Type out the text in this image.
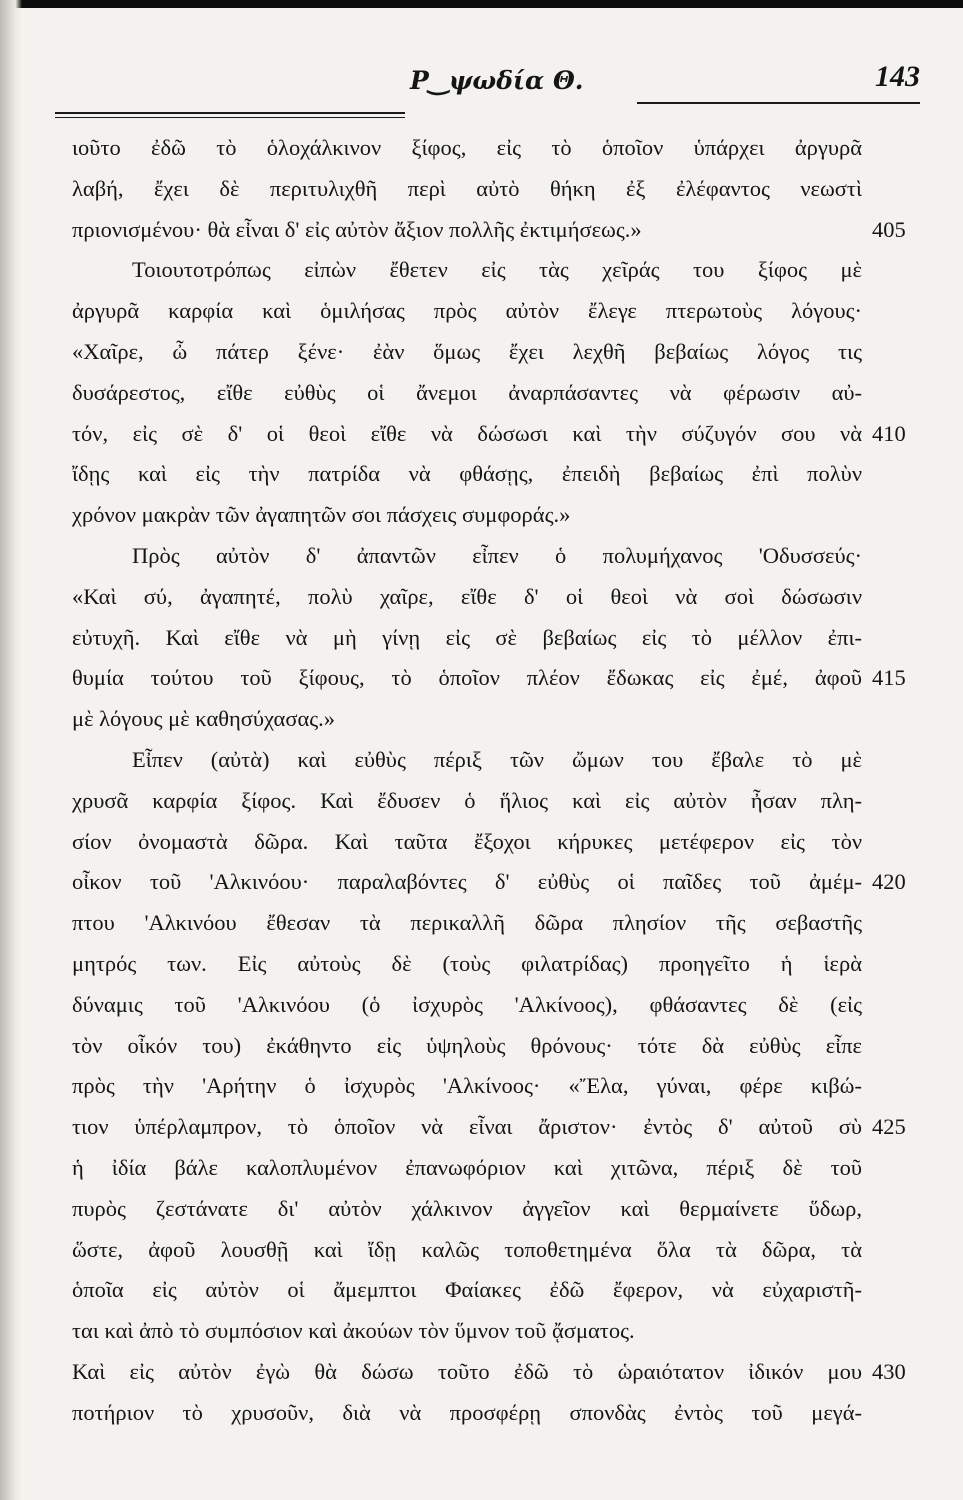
Ρ‿ψωδία Θ.	143
ιοῦτο ἐδῶ τὸ ὁλοχάλκινον ξίφος, εἰς τὸ ὁποῖον ὑπάρχει ἀργυρᾶ
λαβή, ἔχει δὲ περιτυλιχθῆ περὶ αὐτὸ θήκη ἐξ ἐλέφαντος νεωστὶ
πριονισμένου· θὰ εἶναι δ' εἰς αὐτὸν ἄξιον πολλῆς ἐκτιμήσεως.»
Τοιουτοτρόπως εἰπὼν ἔθετεν εἰς τὰς χεῖράς του ξίφος μὲ
ἀργυρᾶ καρφία καὶ ὁμιλήσας πρὸς αὐτὸν ἔλεγε πτερωτοὺς λόγους·
«Χαῖρε, ὦ πάτερ ξένε· ἐὰν ὅμως ἔχει λεχθῆ βεβαίως λόγος τις
δυσάρεστος, εἴθε εὐθὺς οἱ ἄνεμοι ἀναρπάσαντες νὰ φέρωσιν αὐ-
τόν, εἰς σὲ δ' οἱ θεοὶ εἴθε νὰ δώσωσι καὶ τὴν σύζυγόν σου νὰ
ἴδῃς καὶ εἰς τὴν πατρίδα νὰ φθάσῃς, ἐπειδὴ βεβαίως ἐπὶ πολὺν
χρόνον μακρὰν τῶν ἀγαπητῶν σοι πάσχεις συμφοράς.»
Πρὸς αὐτὸν δ' ἀπαντῶν εἶπεν ὁ πολυμήχανος 'Οδυσσεύς·
«Καὶ σύ, ἀγαπητέ, πολὺ χαῖρε, εἴθε δ' οἱ θεοὶ νὰ σοὶ δώσωσιν
εὐτυχῆ. Καὶ εἴθε νὰ μὴ γίνῃ εἰς σὲ βεβαίως εἰς τὸ μέλλον ἐπι-
θυμία τούτου τοῦ ξίφους, τὸ ὁποῖον πλέον ἔδωκας εἰς ἐμέ, ἀφοῦ
μὲ λόγους μὲ καθησύχασας.»
Εἶπεν (αὐτὰ) καὶ εὐθὺς πέριξ τῶν ὤμων του ἔβαλε τὸ μὲ
χρυσᾶ καρφία ξίφος. Καὶ ἔδυσεν ὁ ἥλιος καὶ εἰς αὐτὸν ἦσαν πλη-
σίον ὀνομαστὰ δῶρα. Καὶ ταῦτα ἔξοχοι κήρυκες μετέφερον εἰς τὸν
οἶκον τοῦ 'Αλκινόου· παραλαβόντες δ' εὐθὺς οἱ παῖδες τοῦ ἀμέμ-
πτου 'Αλκινόου ἔθεσαν τὰ περικαλλῆ δῶρα πλησίον τῆς σεβαστῆς
μητρός των. Εἰς αὐτοὺς δὲ (τοὺς φιλατρίδας) προηγεῖτο ἡ ἱερὰ
δύναμις τοῦ 'Αλκινόου (ὁ ἰσχυρὸς 'Αλκίνοος), φθάσαντες δὲ (εἰς
τὸν οἶκόν του) ἐκάθηντο εἰς ὑψηλοὺς θρόνους· τότε δὰ εὐθὺς εἶπε
πρὸς τὴν 'Αρήτην ὁ ἰσχυρὸς 'Αλκίνοος· «Ἔλα, γύναι, φέρε κιβώ-
τιον ὑπέρλαμπρον, τὸ ὁποῖον νὰ εἶναι ἄριστον· ἐντὸς δ' αὐτοῦ σὺ
ἡ ἰδία βάλε καλοπλυμένον ἐπανωφόριον καὶ χιτῶνα, πέριξ δὲ τοῦ
πυρὸς ζεστάνατε δι' αὐτὸν χάλκινον ἀγγεῖον καὶ θερμαίνετε ὕδωρ,
ὥστε, ἀφοῦ λουσθῇ καὶ ἴδῃ καλῶς τοποθετημένα ὅλα τὰ δῶρα, τὰ
ὁποῖα εἰς αὐτὸν οἱ ἄμεμπτοι Φαίακες ἐδῶ ἔφερον, νὰ εὐχαριστῆ-
ται καὶ ἀπὸ τὸ συμπόσιον καὶ ἀκούων τὸν ὕμνον τοῦ ᾄσματος.
Καὶ εἰς αὐτὸν ἐγὼ θὰ δώσω τοῦτο ἐδῶ τὸ ὡραιότατον ἰδικόν μου
ποτήριον τὸ χρυσοῦν, διὰ νὰ προσφέρῃ σπονδὰς ἐντὸς τοῦ μεγά-
405
410
415
420
425
430
